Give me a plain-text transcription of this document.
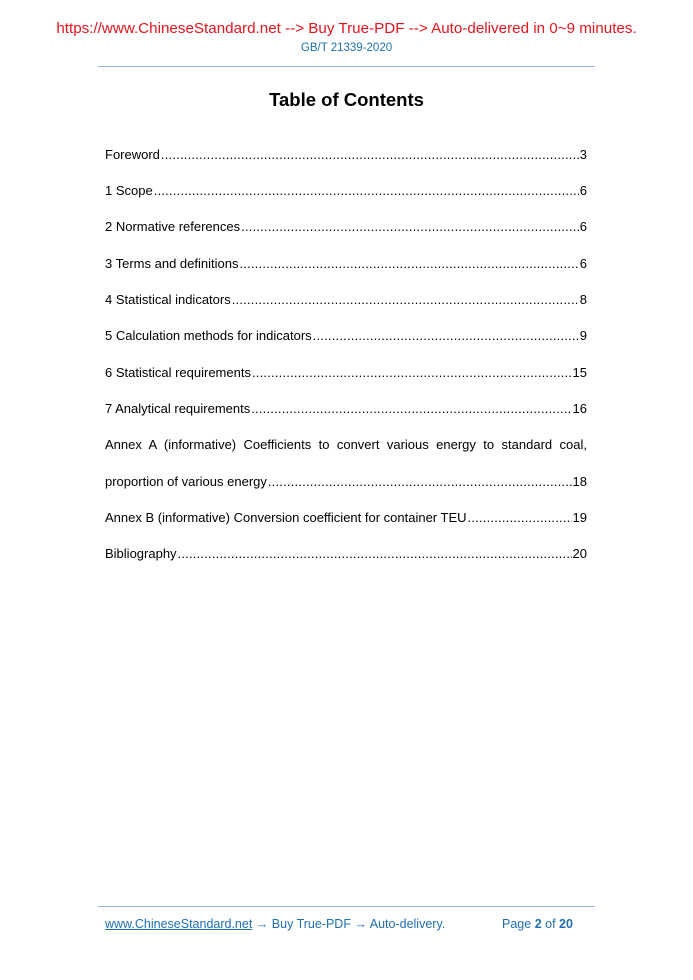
https://www.ChineseStandard.net --> Buy True-PDF --> Auto-delivered in 0~9 minutes.
GB/T 21339-2020
Table of Contents
Foreword .....	3
1 Scope .....	6
2 Normative references .....	6
3 Terms and definitions .....	6
4 Statistical indicators .....	8
5 Calculation methods for indicators .....	9
6 Statistical requirements .....	15
7 Analytical requirements .....	16
Annex A (informative) Coefficients to convert various energy to standard coal,
proportion of various energy .....	18
Annex B (informative) Conversion coefficient for container TEU .....	19
Bibliography .....	20
www.ChineseStandard.net → Buy True-PDF → Auto-delivery.	Page 2 of 20
